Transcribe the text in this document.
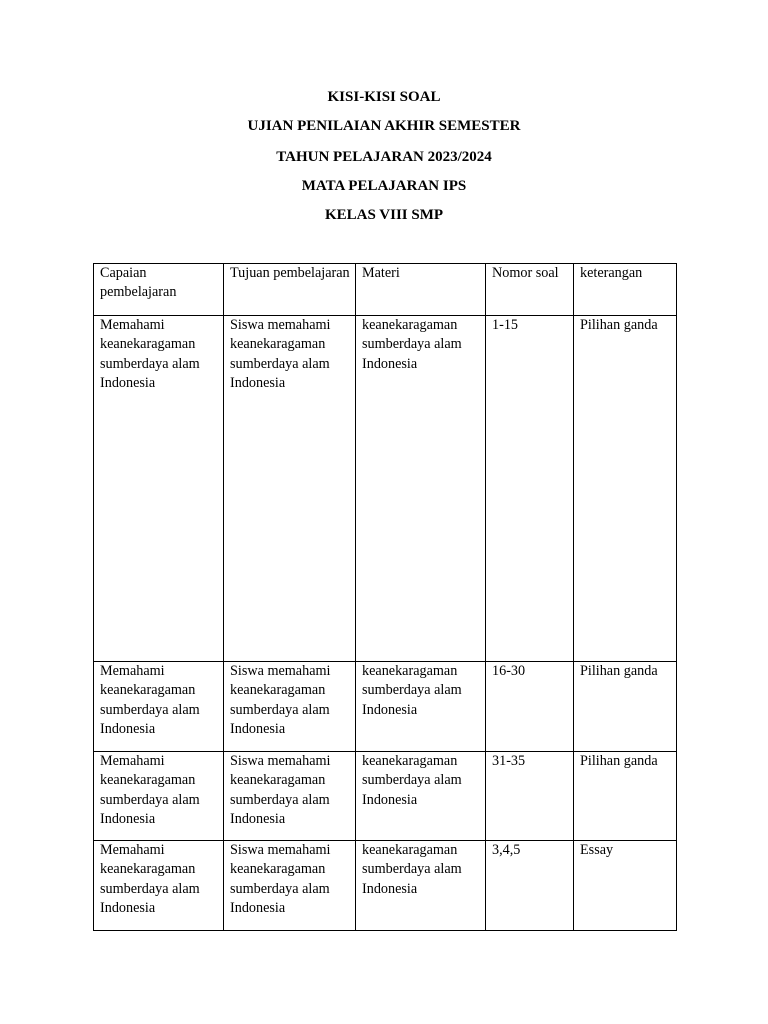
KISI-KISI SOAL
UJIAN PENILAIAN AKHIR SEMESTER
TAHUN PELAJARAN 2023/2024
MATA PELAJARAN IPS
KELAS VIII SMP
Capaian pembelajaran	Tujuan pembelajaran	Materi	Nomor soal	keterangan

Memahami keanekaragaman sumberdaya alam Indonesia	Siswa memahami keanekaragaman sumberdaya alam Indonesia	keanekaragaman sumberdaya alam Indonesia	1-15	Pilihan ganda

Memahami keanekaragaman sumberdaya alam Indonesia	Siswa memahami keanekaragaman sumberdaya alam Indonesia	keanekaragaman sumberdaya alam Indonesia	16-30	Pilihan ganda

Memahami keanekaragaman sumberdaya alam Indonesia	Siswa memahami keanekaragaman sumberdaya alam Indonesia	keanekaragaman sumberdaya alam Indonesia	31-35	Pilihan ganda

Memahami keanekaragaman sumberdaya alam Indonesia	Siswa memahami keanekaragaman sumberdaya alam Indonesia	keanekaragaman sumberdaya alam Indonesia	3,4,5	Essay
